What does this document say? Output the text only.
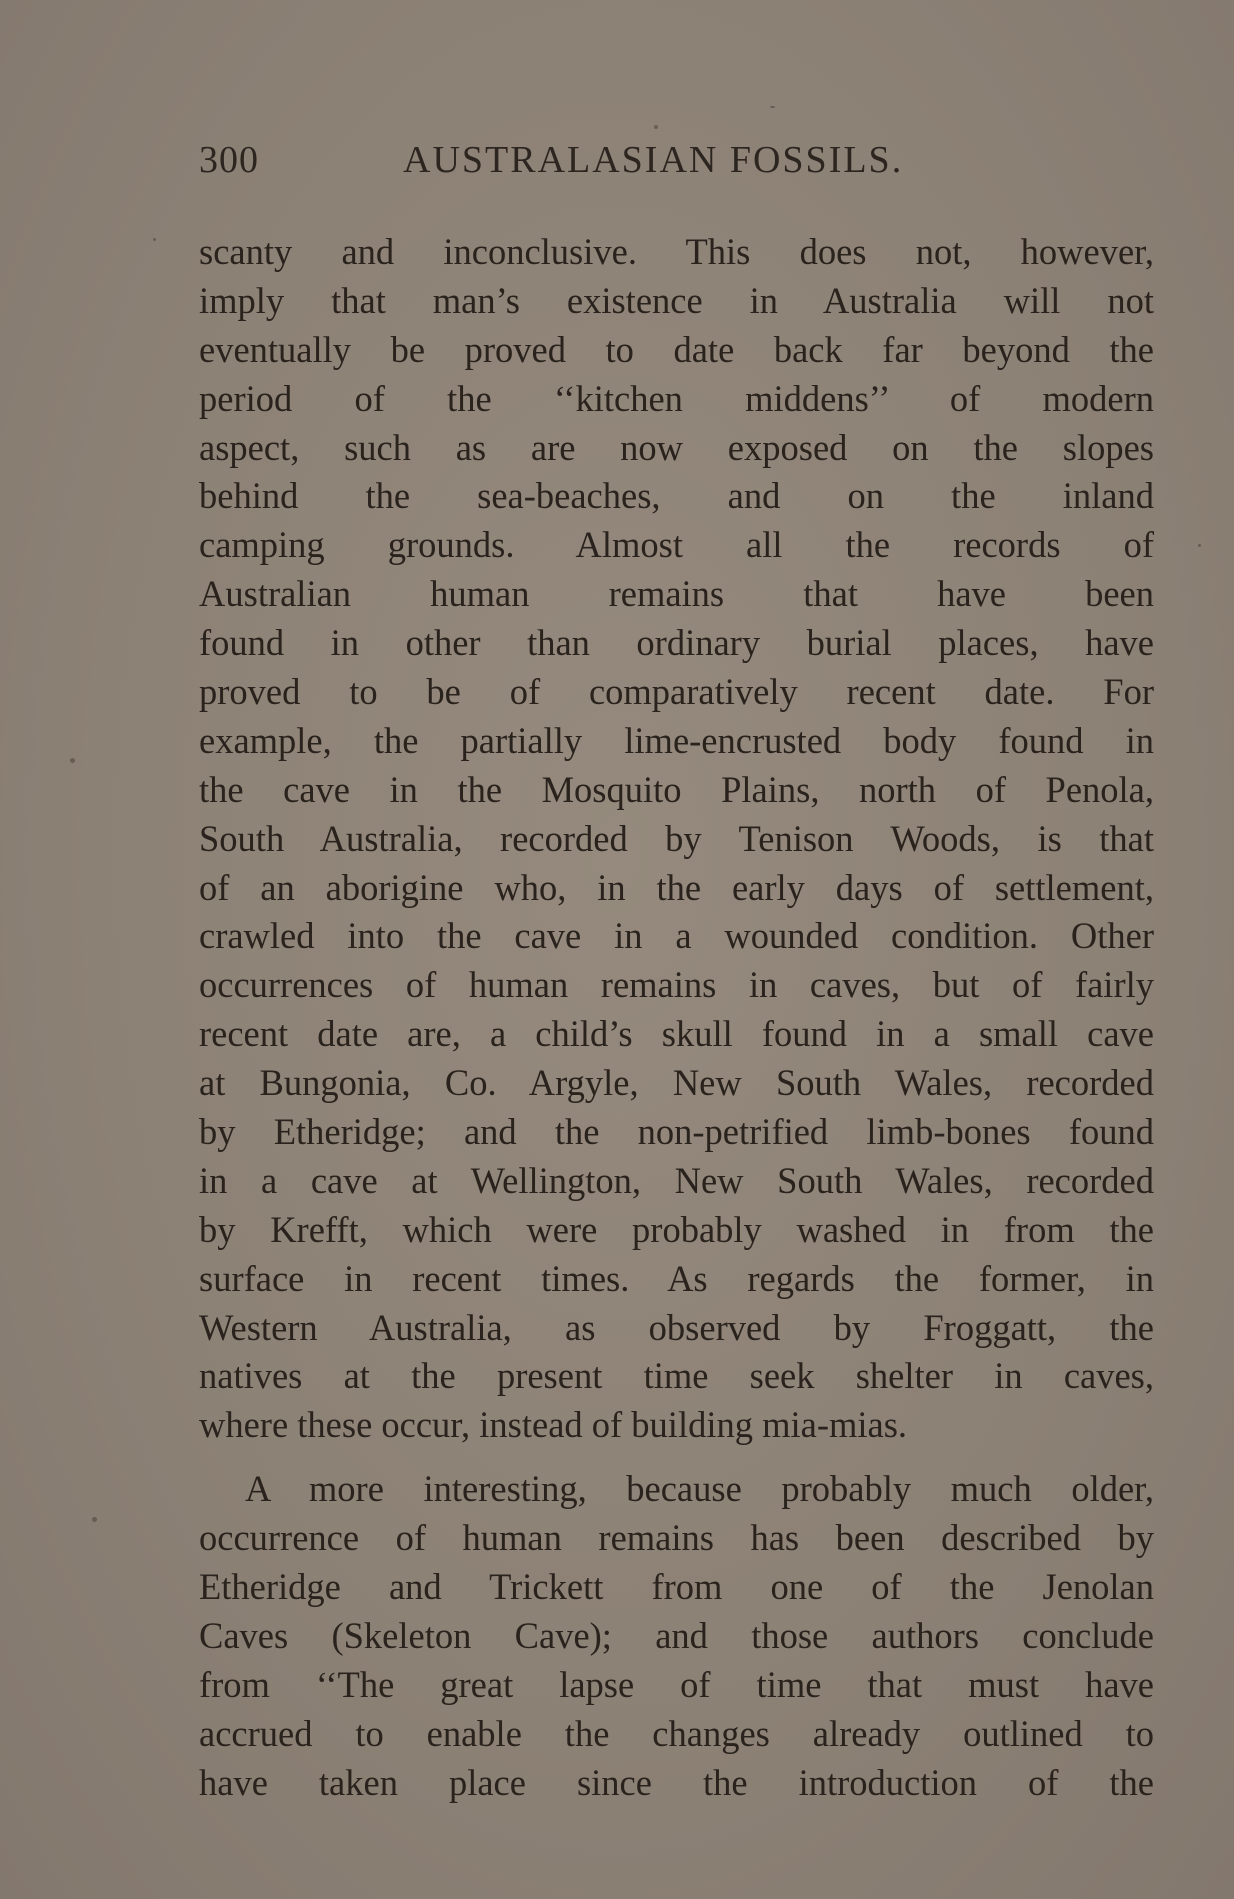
300	AUSTRALASIAN FOSSILS.
scanty and inconclusive. This does not, however,
imply that man’s existence in Australia will not
eventually be proved to date back far beyond the
period of the ‘‘kitchen middens’’ of modern
aspect, such as are now exposed on the slopes
behind the sea-beaches, and on the inland
camping grounds. Almost all the records of
Australian human remains that have been
found in other than ordinary burial places, have
proved to be of comparatively recent date. For
example, the partially lime-encrusted body found in
the cave in the Mosquito Plains, north of Penola,
South Australia, recorded by Tenison Woods, is that
of an aborigine who, in the early days of settlement,
crawled into the cave in a wounded condition. Other
occurrences of human remains in caves, but of fairly
recent date are, a child’s skull found in a small cave
at Bungonia, Co. Argyle, New South Wales, recorded
by Etheridge; and the non-petrified limb-bones found
in a cave at Wellington, New South Wales, recorded
by Krefft, which were probably washed in from the
surface in recent times. As regards the former, in
Western Australia, as observed by Froggatt, the
natives at the present time seek shelter in caves,
where these occur, instead of building mia-mias.
A more interesting, because probably much older,
occurrence of human remains has been described by
Etheridge and Trickett from one of the Jenolan
Caves (Skeleton Cave); and those authors conclude
from ‘‘The great lapse of time that must have
accrued to enable the changes already outlined to
have taken place since the introduction of the
